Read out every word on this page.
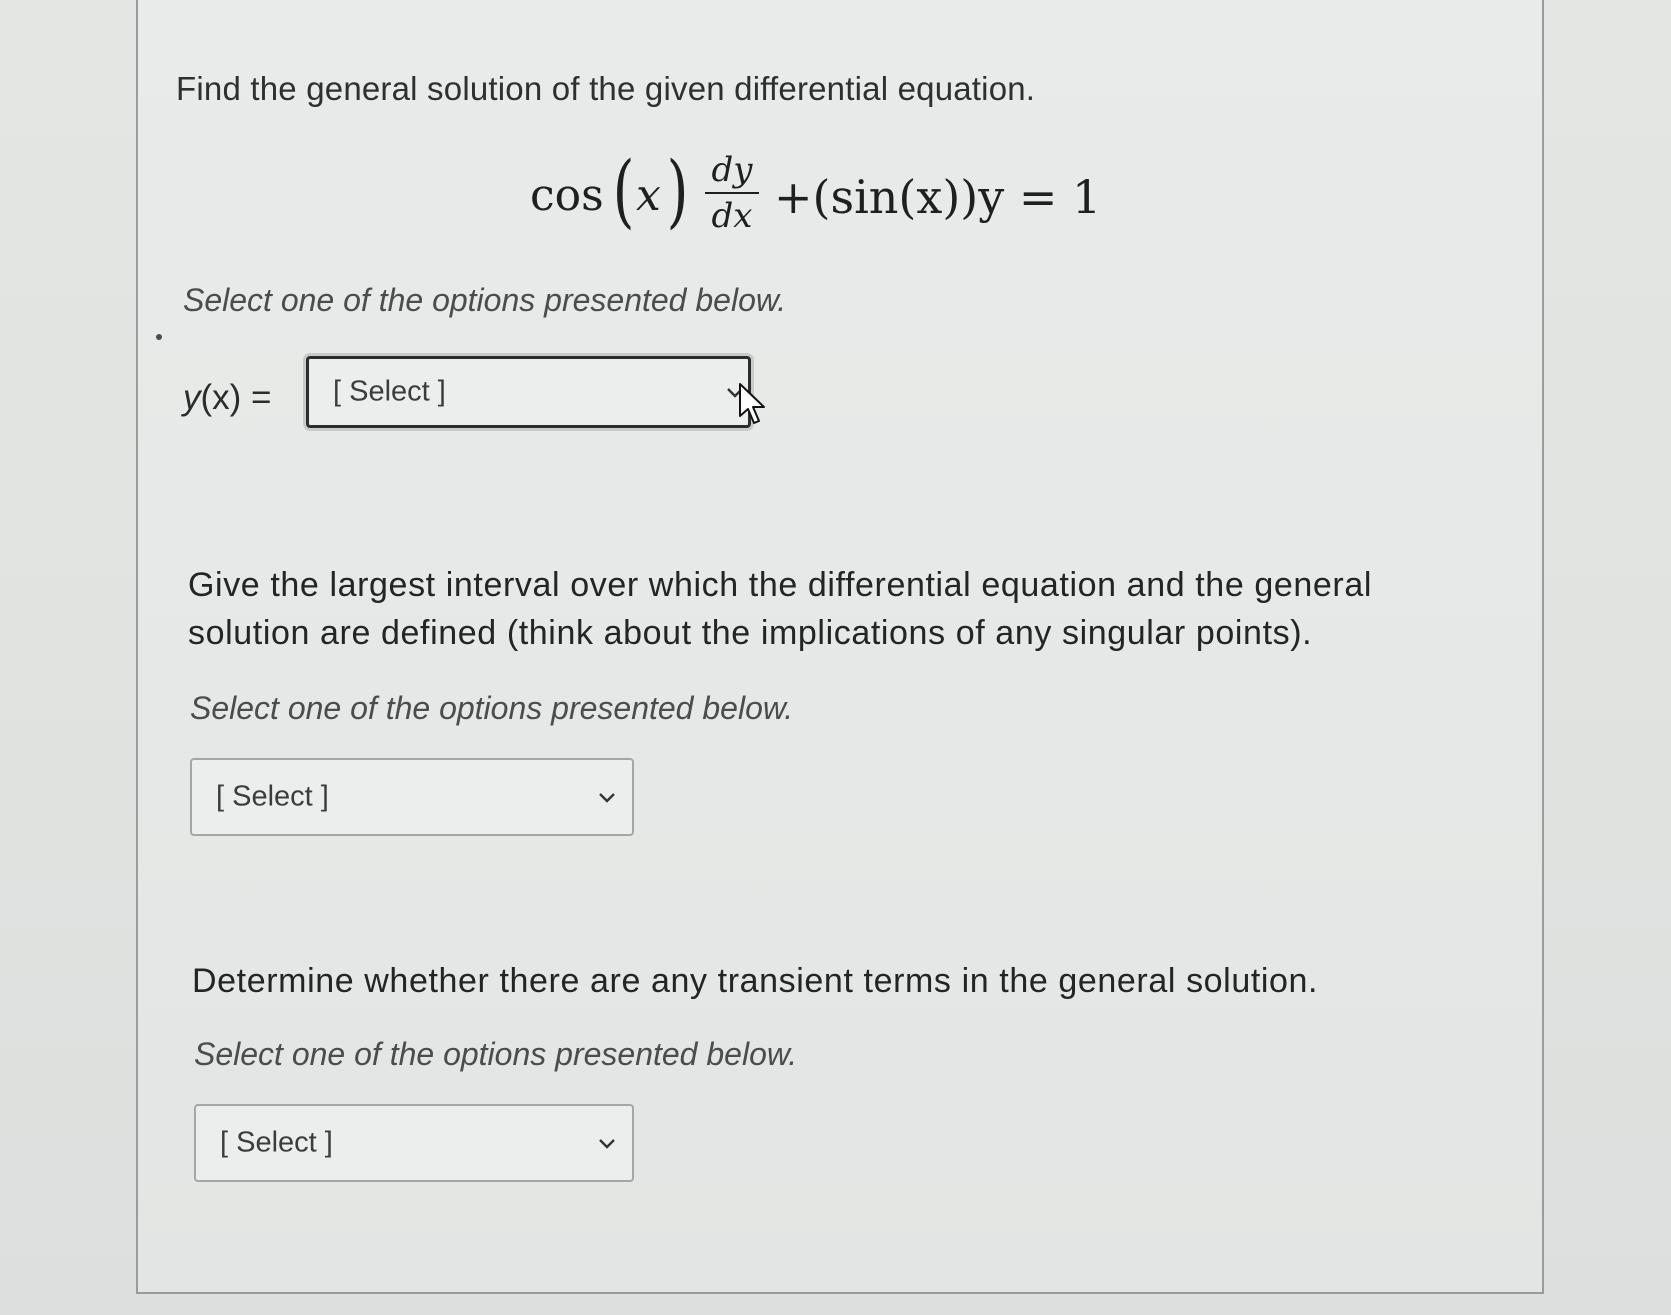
Find the general solution of the given differential equation.
cos ( x ) dy
dx +(sin(x))y = 1
Select one of the options presented below.
y(x) = [ Select ]
Give the largest interval over which the differential equation and the general
solution are defined (think about the implications of any singular points).
Select one of the options presented below.
[ Select ]
Determine whether there are any transient terms in the general solution.
Select one of the options presented below.
[ Select ]
